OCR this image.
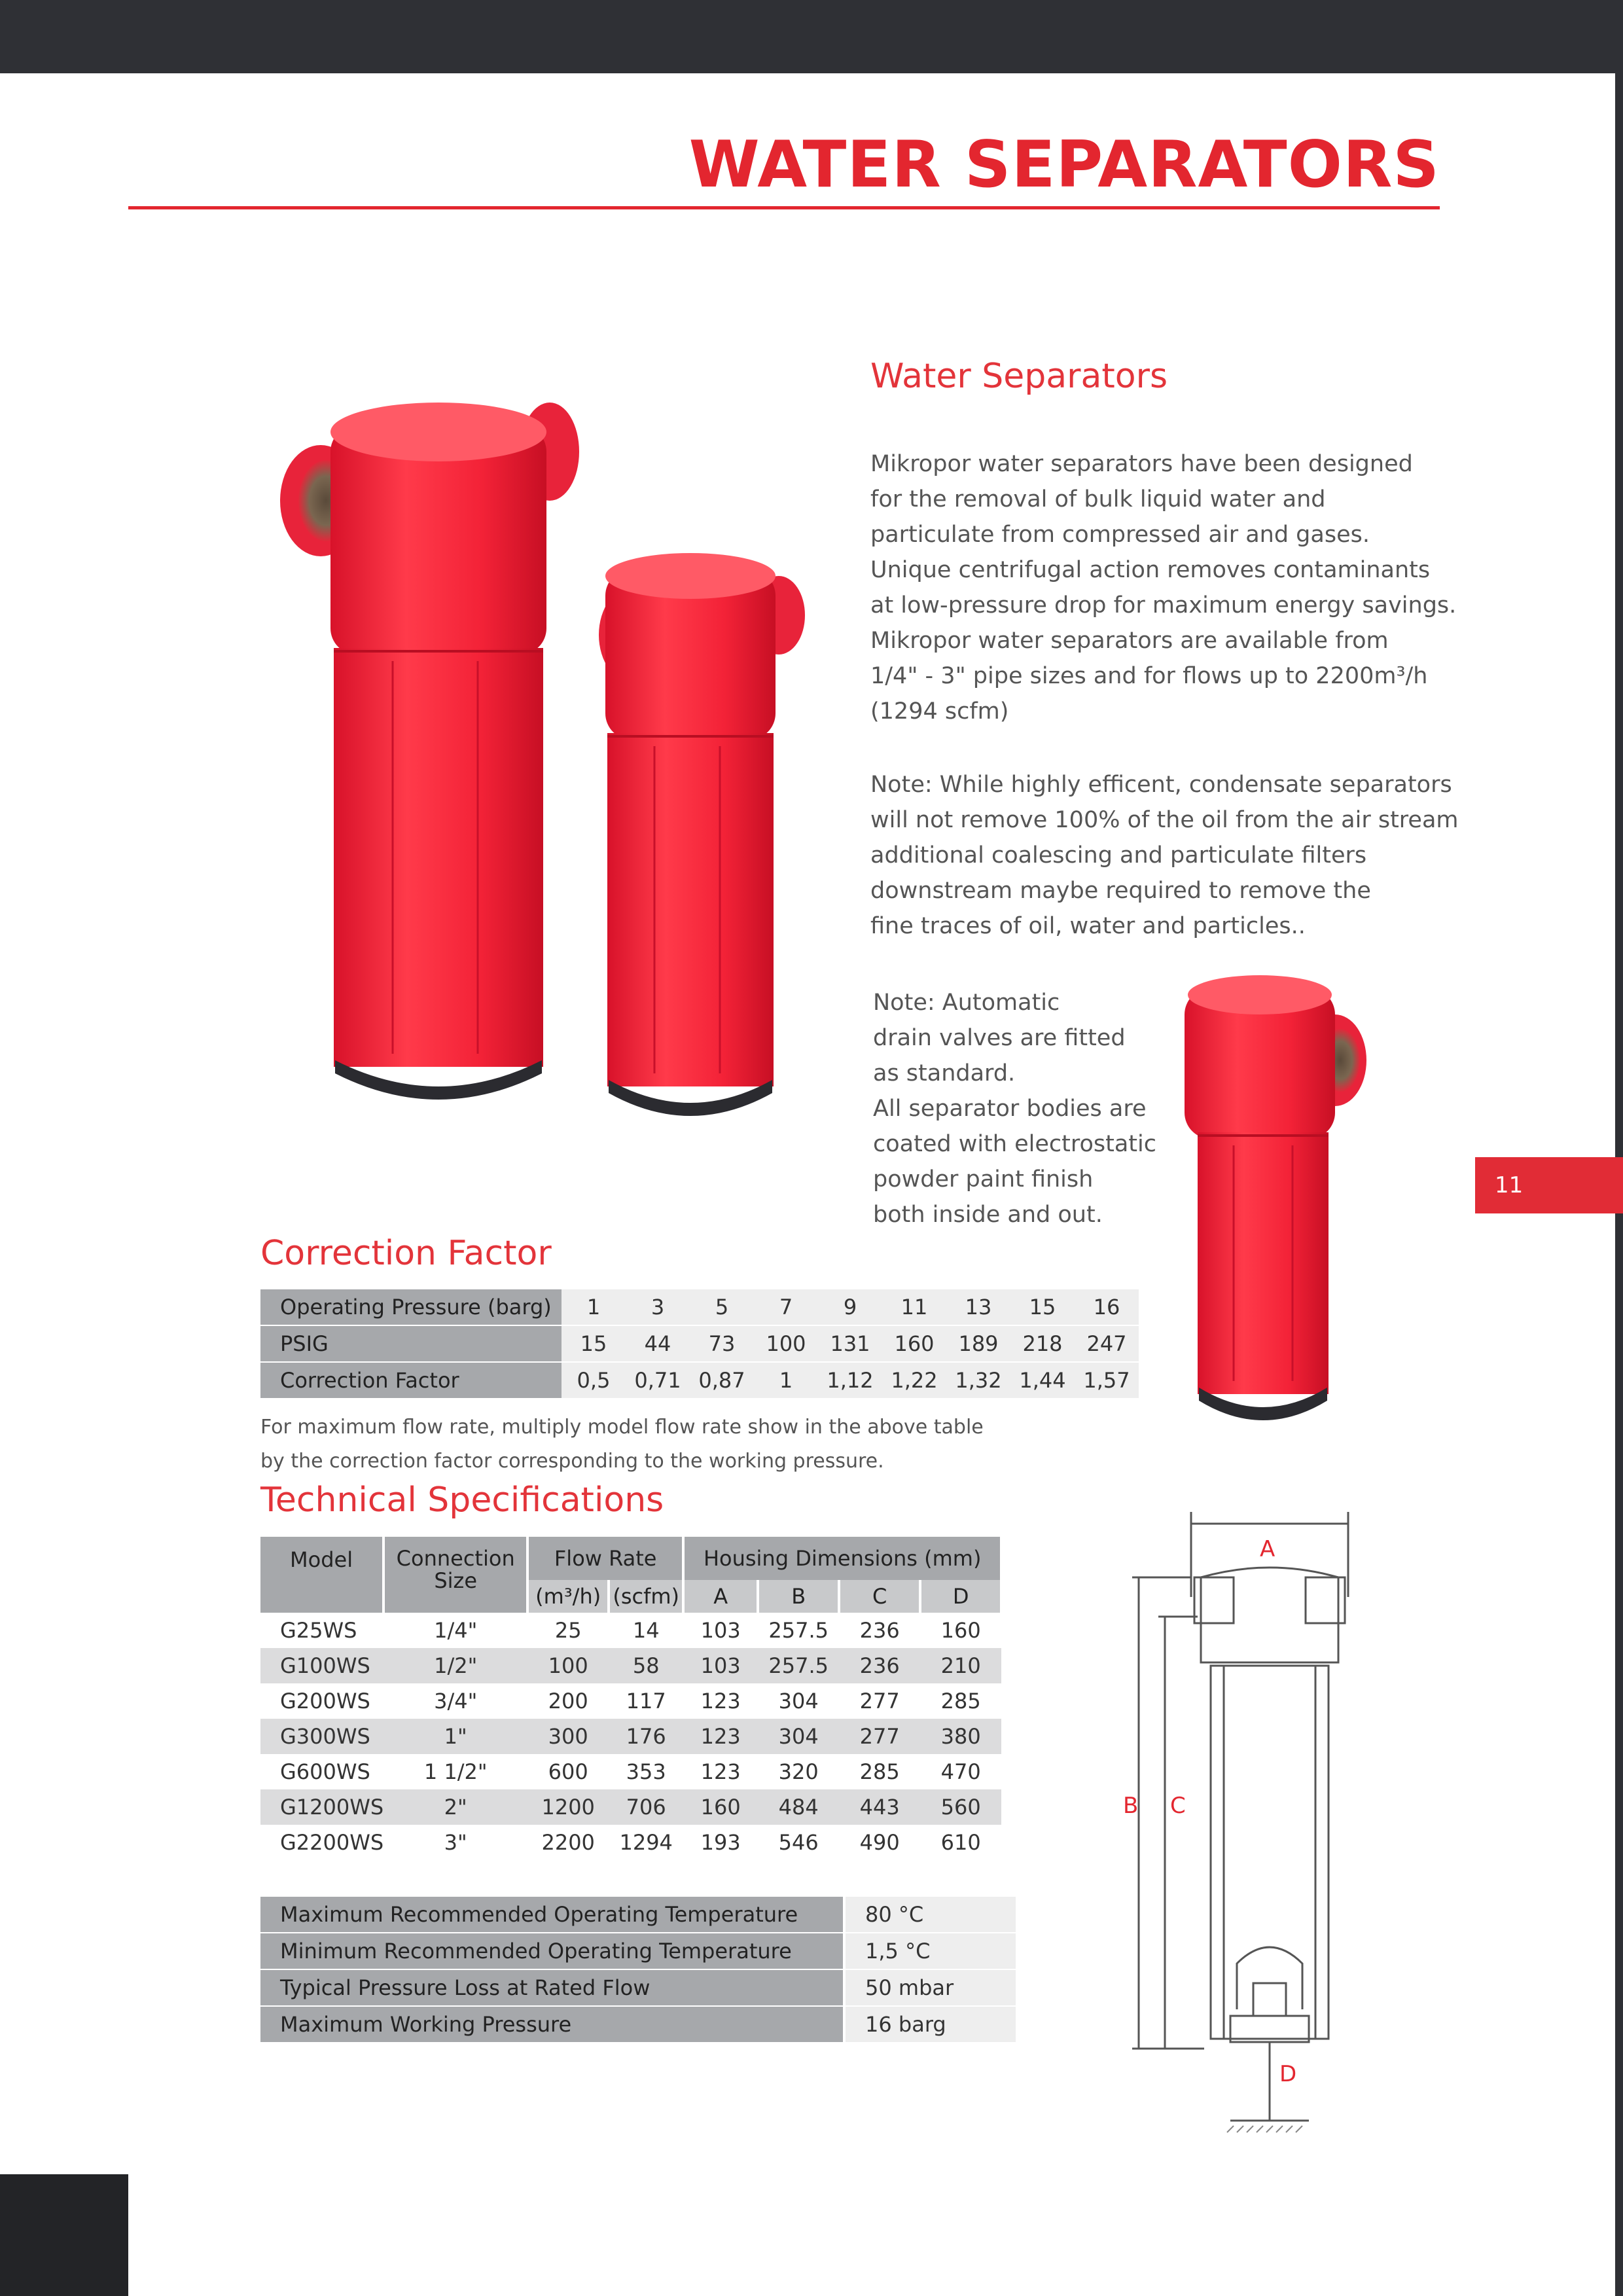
11
WATER SEPARATORS
Water Separators

Mikropor water separators have been designed

for the removal of bulk liquid water and

particulate from compressed air and gases.

Unique centrifugal action removes contaminants

at low-pressure drop for maximum energy savings.

Mikropor water separators are available from

1/4" - 3" pipe sizes and for flows up to 2200m³/h

(1294 scfm)

Note: While highly efficent, condensate separators

will not remove 100% of the oil from the air stream

additional coalescing and particulate filters

downstream maybe required to remove the

fine traces of oil, water and particles..

Note: Automatic

drain valves are fitted

as standard.

All separator bodies are

coated with electrostatic

powder paint finish

both inside and out.

Correction Factor
Operating Pressure (barg)	1	3	5	7	9	11	13	15	16
PSIG	15	44	73	100	131	160	189	218	247
Correction Factor	0,5	0,71	0,87	1	1,12	1,22	1,32	1,44	1,57
For maximum flow rate, multiply model flow rate show in the above table
by the correction factor corresponding to the working pressure.
Technical Specifications
Model	Connection Size	Flow Rate		Housing Dimensions (mm)			
		(m³/h)	(scfm)	A	B	C	D
G25WS	1/4"	25	14	103	257.5	236	160
G100WS	1/2"	100	58	103	257.5	236	210
G200WS	3/4"	200	117	123	304	277	285
G300WS	1"	300	176	123	304	277	380
G600WS	1 1/2"	600	353	123	320	285	470
G1200WS	2"	1200	706	160	484	443	560
G2200WS	3"	2200	1294	193	546	490	610
Maximum Recommended Operating Temperature	80 °C
Minimum Recommended Operating Temperature	1,5 °C
Typical Pressure Loss at Rated Flow	50 mbar
Maximum Working Pressure	16 barg
A
B C
D
